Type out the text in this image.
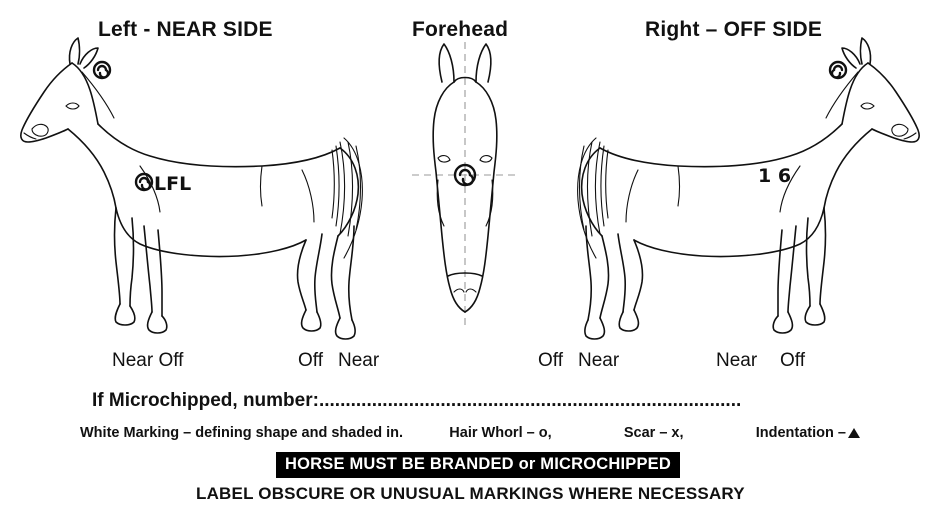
Left - NEAR SIDE	Forehead	Right – OFF SIDE
LFL	1 6
Near Off	Off Near	Off Near	Near Off
If Microchipped, number:................................................................................
White Marking – defining shape and shaded in.	Hair Whorl – o,	Scar – x,	Indentation –
HORSE MUST BE BRANDED or MICROCHIPPED
LABEL OBSCURE OR UNUSUAL MARKINGS WHERE NECESSARY
